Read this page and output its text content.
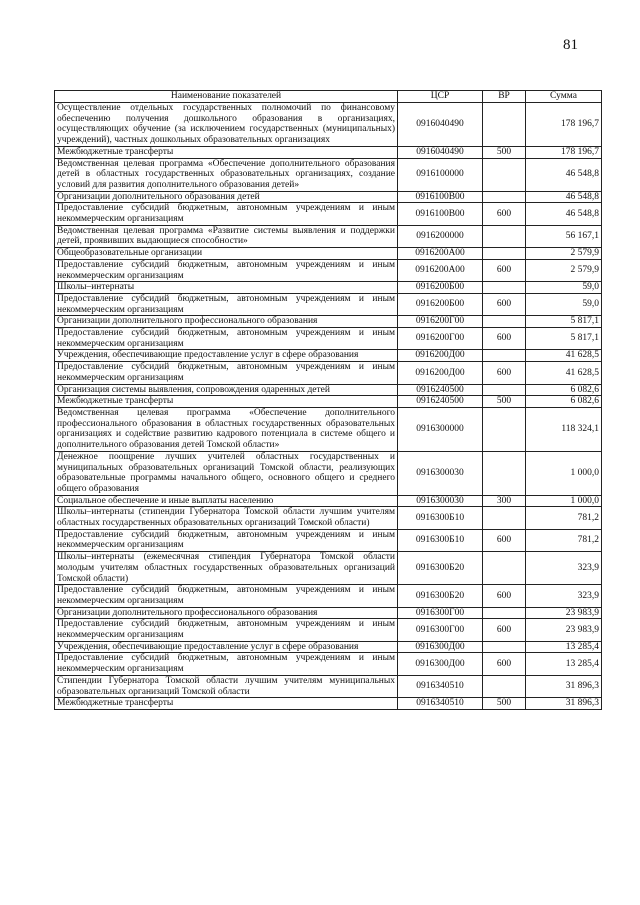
81
Наименование показателей	ЦСР	ВР	Сумма
Осуществление отдельных государственных полномочий по финансовому обеспечению получения дошкольного образования в организациях, осуществляющих обучение (за исключением государственных (муниципальных) учреждений), частных дошкольных образовательных организациях	0916040490		178 196,7
Межбюджетные трансферты	0916040490	500	178 196,7
Ведомственная целевая программа «Обеспечение дополнительного образования детей в областных государственных образовательных организациях, создание условий для развития дополнительного образования детей»	0916100000		46 548,8
Организации дополнительного образования детей	0916100В00		46 548,8
Предоставление субсидий бюджетным, автономным учреждениям и иным некоммерческим организациям	0916100В00	600	46 548,8
Ведомственная целевая программа «Развитие системы выявления и поддержки детей, проявивших выдающиеся способности»	0916200000		56 167,1
Общеобразовательные организации	0916200А00		2 579,9
Предоставление субсидий бюджетным, автономным учреждениям и иным некоммерческим организациям	0916200А00	600	2 579,9
Школы–интернаты	0916200Б00		59,0
Предоставление субсидий бюджетным, автономным учреждениям и иным некоммерческим организациям	0916200Б00	600	59,0
Организации дополнительного профессионального образования	0916200Г00		5 817,1
Предоставление субсидий бюджетным, автономным учреждениям и иным некоммерческим организациям	0916200Г00	600	5 817,1
Учреждения, обеспечивающие предоставление услуг в сфере образования	0916200Д00		41 628,5
Предоставление субсидий бюджетным, автономным учреждениям и иным некоммерческим организациям	0916200Д00	600	41 628,5
Организация системы выявления, сопровождения одаренных детей	0916240500		6 082,6
Межбюджетные трансферты	0916240500	500	6 082,6
Ведомственная целевая программа «Обеспечение дополнительного профессионального образования в областных государственных образовательных организациях и содействие развитию кадрового потенциала в системе общего и дополнительного образования детей Томской области»	0916300000		118 324,1
Денежное поощрение лучших учителей областных государственных и муниципальных образовательных организаций Томской области, реализующих образовательные программы начального общего, основного общего и среднего общего образования	0916300030		1 000,0
Социальное обеспечение и иные выплаты населению	0916300030	300	1 000,0
Школы–интернаты (стипендии Губернатора Томской области лучшим учителям областных государственных образовательных организаций Томской области)	0916300Б10		781,2
Предоставление субсидий бюджетным, автономным учреждениям и иным некоммерческим организациям	0916300Б10	600	781,2
Школы–интернаты (ежемесячная стипендия Губернатора Томской области молодым учителям областных государственных образовательных организаций Томской области)	0916300Б20		323,9
Предоставление субсидий бюджетным, автономным учреждениям и иным некоммерческим организациям	0916300Б20	600	323,9
Организации дополнительного профессионального образования	0916300Г00		23 983,9
Предоставление субсидий бюджетным, автономным учреждениям и иным некоммерческим организациям	0916300Г00	600	23 983,9
Учреждения, обеспечивающие предоставление услуг в сфере образования	0916300Д00		13 285,4
Предоставление субсидий бюджетным, автономным учреждениям и иным некоммерческим организациям	0916300Д00	600	13 285,4
Стипендии Губернатора Томской области лучшим учителям муниципальных образовательных организаций Томской области	0916340510		31 896,3
Межбюджетные трансферты	0916340510	500	31 896,3
